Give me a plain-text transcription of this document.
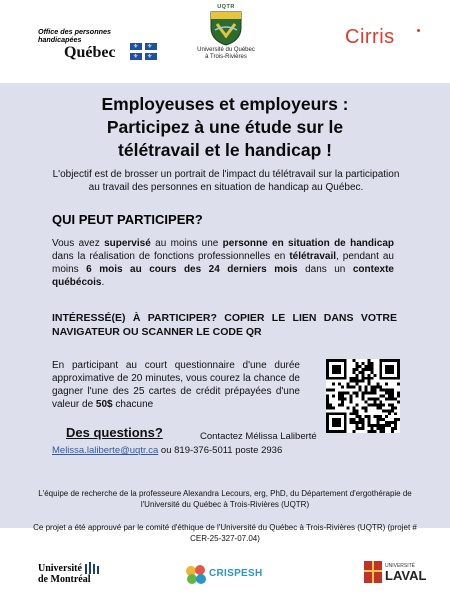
Office des personnes
handicapées
Québec	⚜ ⚜
⚜ ⚜
UQTR
Université du Québec
à Trois-Rivières
Cirris
Employeuses et employeurs :
Participez à une étude sur le
télétravail et le handicap !
L'objectif est de brosser un portrait de l'impact du télétravail sur la participation au travail des personnes en situation de handicap au Québec.
QUI PEUT PARTICIPER?
Vous avez supervisé au moins une personne en situation de handicap dans la réalisation de fonctions professionnelles en télétravail, pendant au moins 6 mois au cours des 24 derniers mois dans un contexte québécois.
INTÉRESSÉ(E) À PARTICIPER? COPIER LE LIEN DANS VOTRE NAVIGATEUR OU SCANNER LE CODE QR
En participant au court questionnaire d'une durée approximative de 20 minutes, vous courez la chance de gagner l'une des 25 cartes de crédit prépayées d'une valeur de 50$ chacune
Des questions?	Contactez Mélissa Laliberté
Melissa.laliberte@uqtr.ca ou 819-376-5011 poste 2936
L'équipe de recherche de la professeure Alexandra Lecours, erg, PhD, du Département d'ergothérapie de l'Université du Québec à Trois-Rivières (UQTR)
Ce projet a été approuvé par le comité d'éthique de l'Université du Québec à Trois-Rivières (UQTR) (projet # CER-25-327-07.04)
Université
de Montréal
CRISPESH
UNIVERSITÉ
LAVAL
